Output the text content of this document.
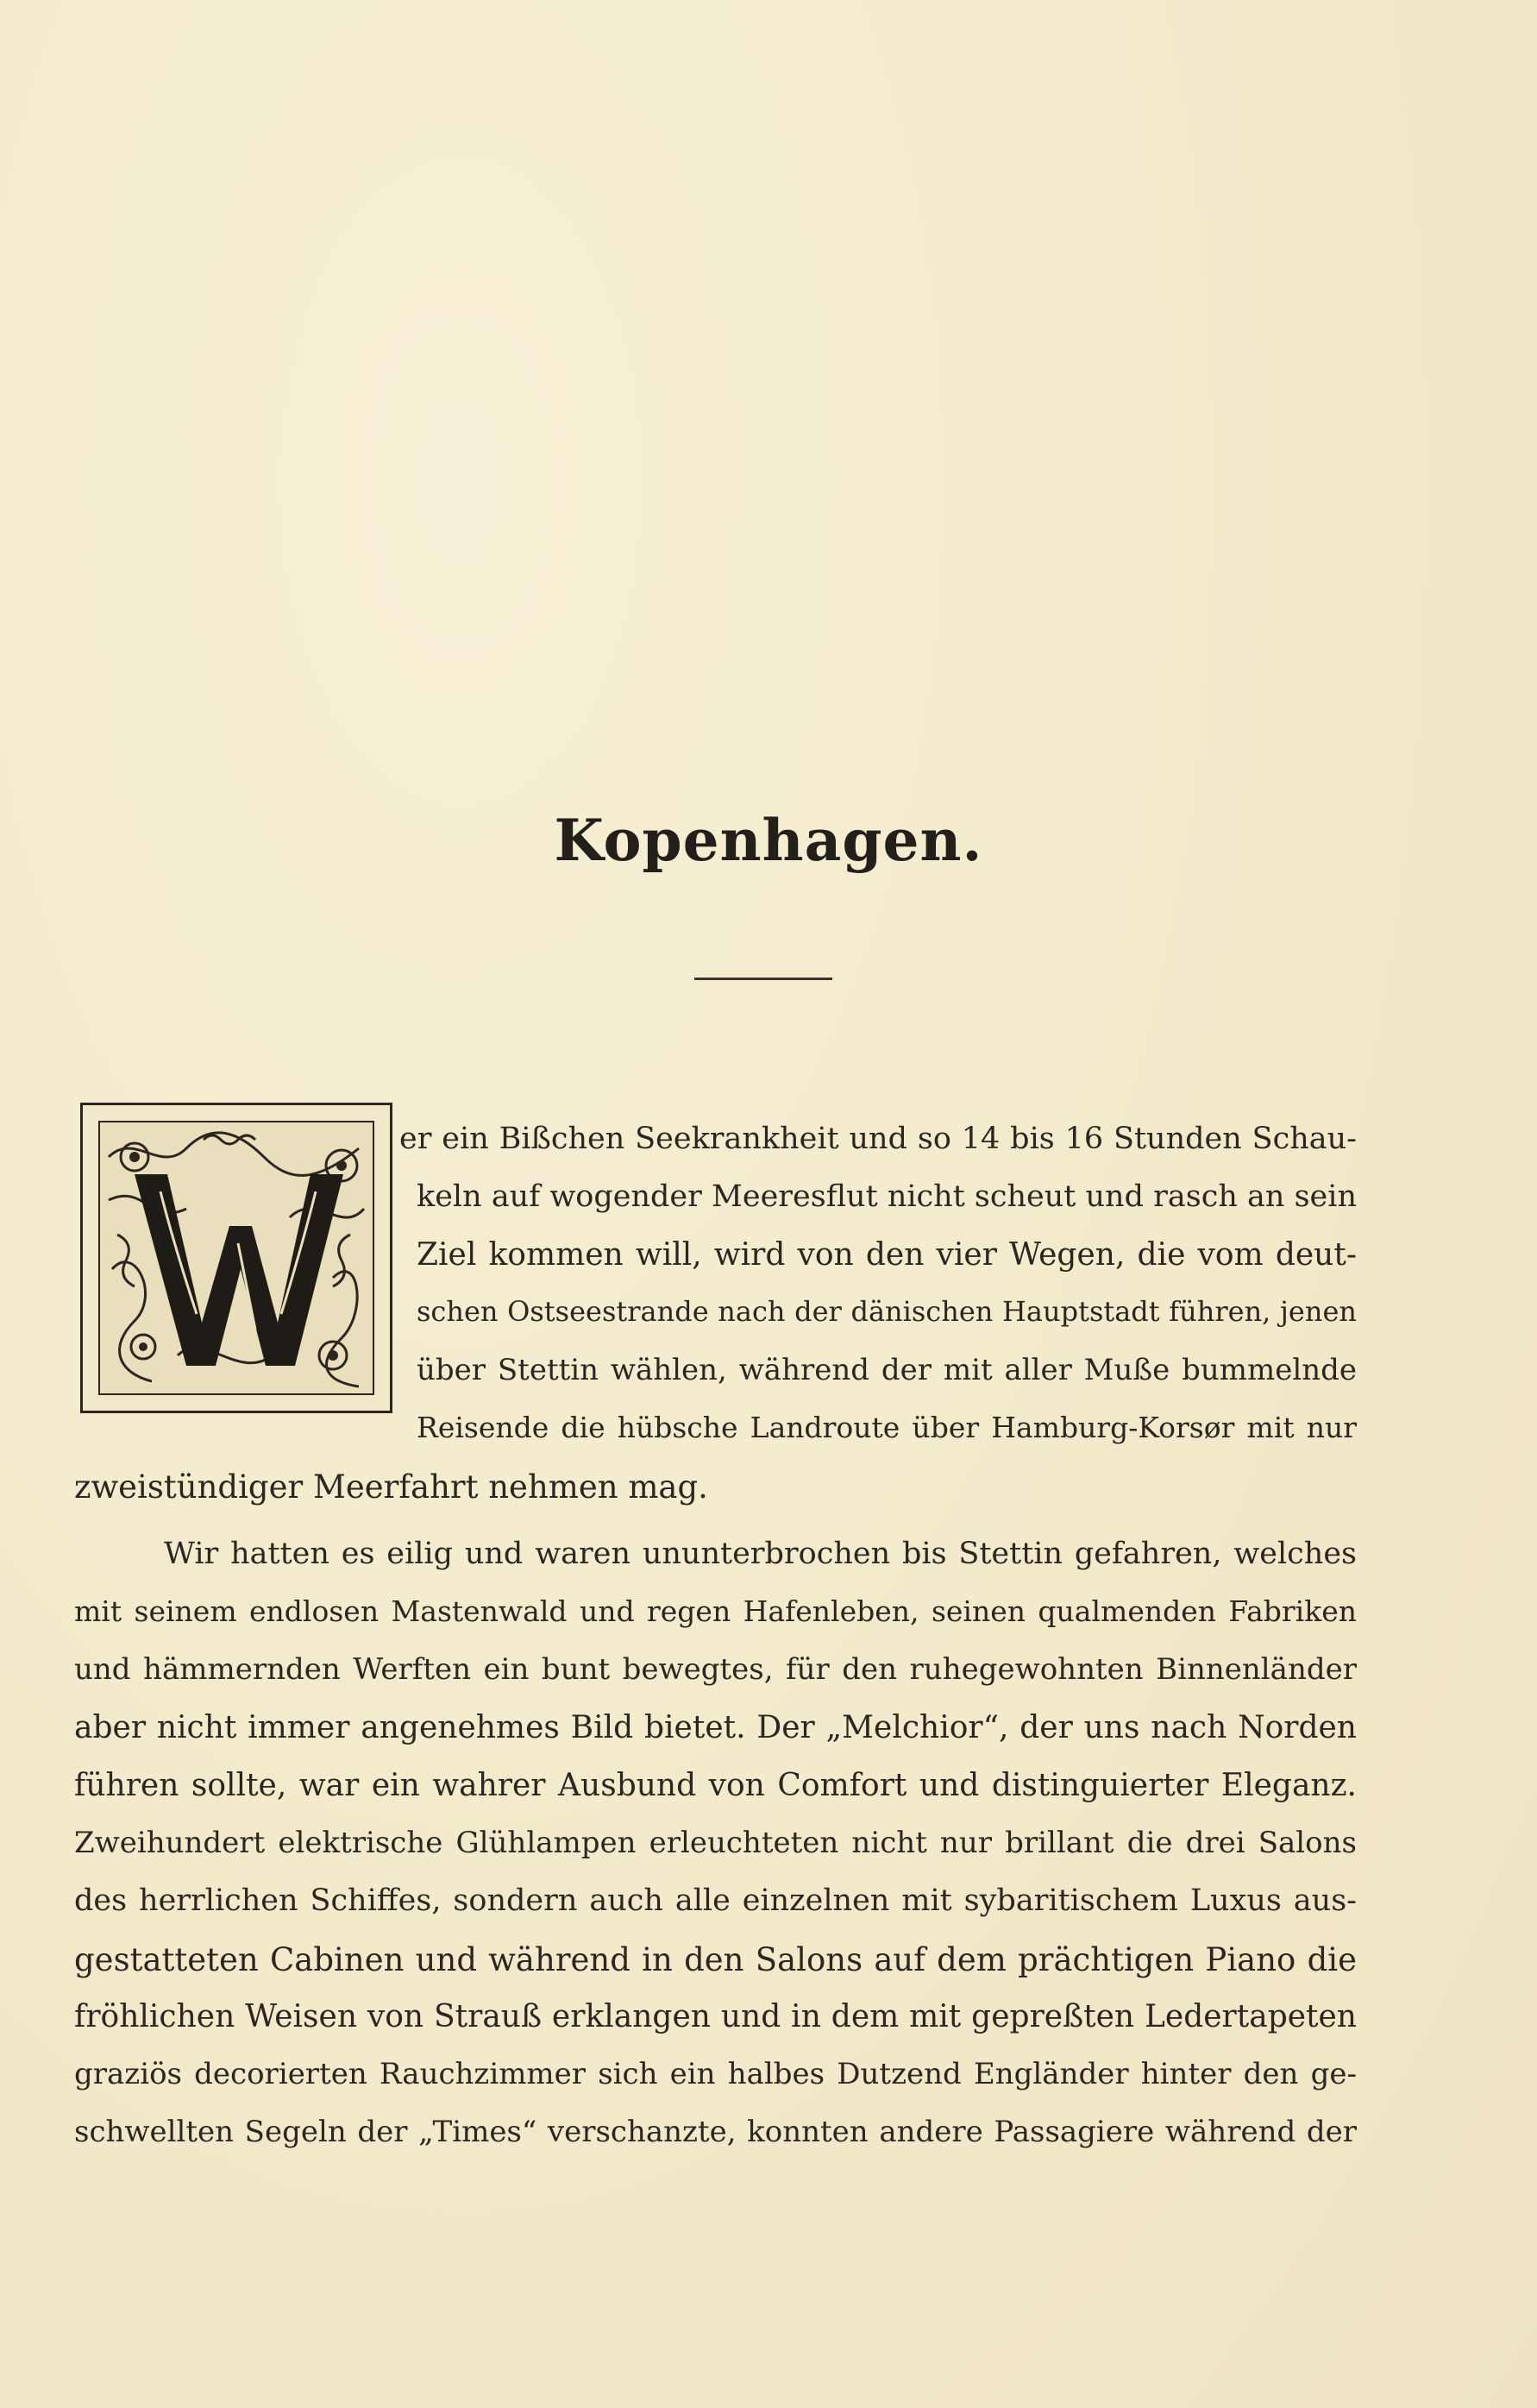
Kopenhagen.
er ein Bißchen Seekrankheit und so 14 bis 16 Stunden Schau-
keln auf wogender Meeresflut nicht scheut und rasch an sein
Ziel kommen will, wird von den vier Wegen, die vom deut-
schen Ostseestrande nach der dänischen Hauptstadt führen, jenen
über Stettin wählen, während der mit aller Muße bummelnde
Reisende die hübsche Landroute über Hamburg-Korsør mit nur
zweistündiger Meerfahrt nehmen mag.
Wir hatten es eilig und waren ununterbrochen bis Stettin gefahren, welches
mit seinem endlosen Mastenwald und regen Hafenleben, seinen qualmenden Fabriken
und hämmernden Werften ein bunt bewegtes, für den ruhegewohnten Binnenländer
aber nicht immer angenehmes Bild bietet. Der „Melchior“, der uns nach Norden
führen sollte, war ein wahrer Ausbund von Comfort und distinguierter Eleganz.
Zweihundert elektrische Glühlampen erleuchteten nicht nur brillant die drei Salons
des herrlichen Schiffes, sondern auch alle einzelnen mit sybaritischem Luxus aus-
gestatteten Cabinen und während in den Salons auf dem prächtigen Piano die
fröhlichen Weisen von Strauß erklangen und in dem mit gepreßten Ledertapeten
graziös decorierten Rauchzimmer sich ein halbes Dutzend Engländer hinter den ge-
schwellten Segeln der „Times“ verschanzte, konnten andere Passagiere während der
